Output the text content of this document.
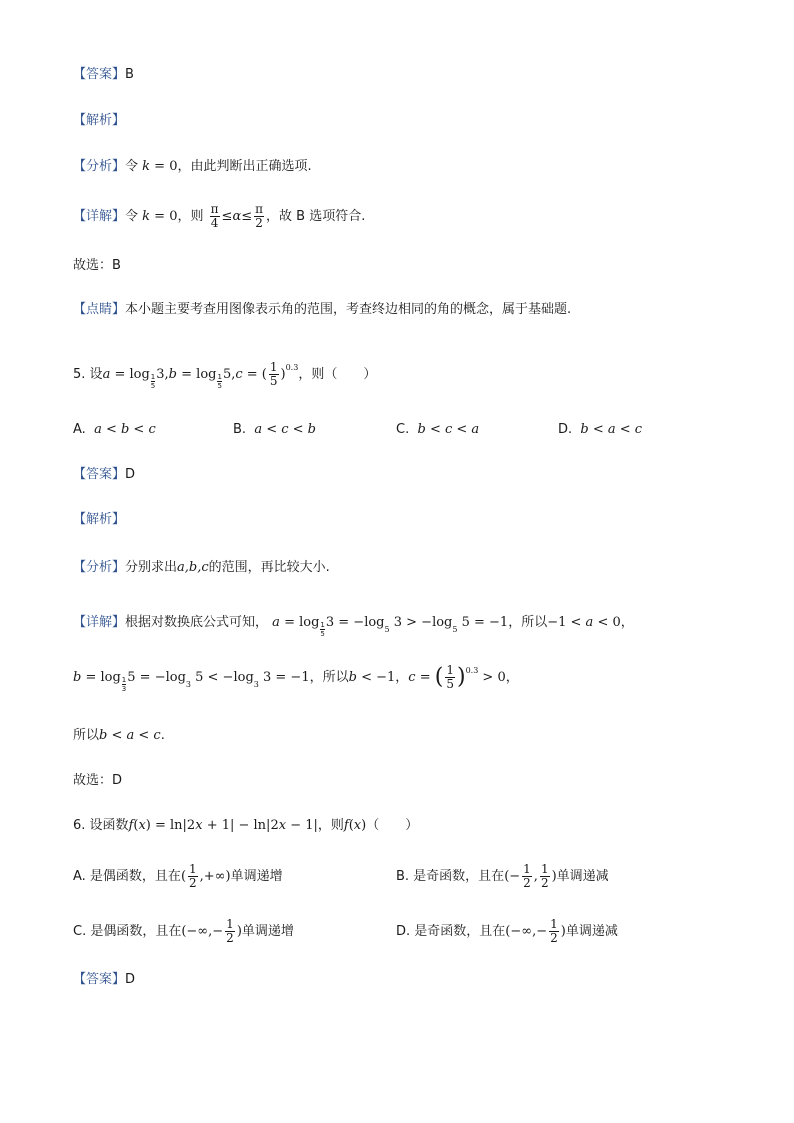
【答案】B
【解析】
【分析】令 k = 0，由此判断出正确选项.
【详解】令 k = 0，则 $\frac{\pi}{4} \le\alpha\le \frac{\pi}{2}$ ，故 B 选项符合.
故选：B
【点睛】本小题主要考查用图像表示角的范围，考查终边相同的角的概念，属于基础题.
5. 设$a = \log \frac{1}{5}3,b = \log \frac{1}{5}5,c$ = ( $\frac{1}{5} )^{0.3}$，则（　　）
A. a < b < c	B. a < c < b	C. b < c < a	D. b < a < c
【答案】D
【解析】
【分析】分别求出a,b,c的范围，再比较大小.
【详解】根据对数换底公式可知， $a = \log \frac{1}{5}3 = -\log_5$ $3 > -\log_5$ 5 = −1，所以−1 < a < 0，
$b = \log \frac{1}{3}5 = -\log_3$ $5 < -\log_3$ 3 = −1，所以b < −1，c = ( $\frac{1}{5} )^{0.3} > 0$，
所以b < a < c.
故选：D
6. 设函数f(x) = ln|2x + 1| − ln|2x − 1|，则f(x)（　　）
A. 是偶函数，且在( $\frac{1}{2}$ ,+∞)单调递增	B. 是奇函数，且在(− $\frac{1}{2}$ , $\frac{1}{2}$ )单调递减
C. 是偶函数，且在(−∞,− $\frac{1}{2}$ )单调递增	D. 是奇函数，且在(−∞,− $\frac{1}{2}$ )单调递减
【答案】D
